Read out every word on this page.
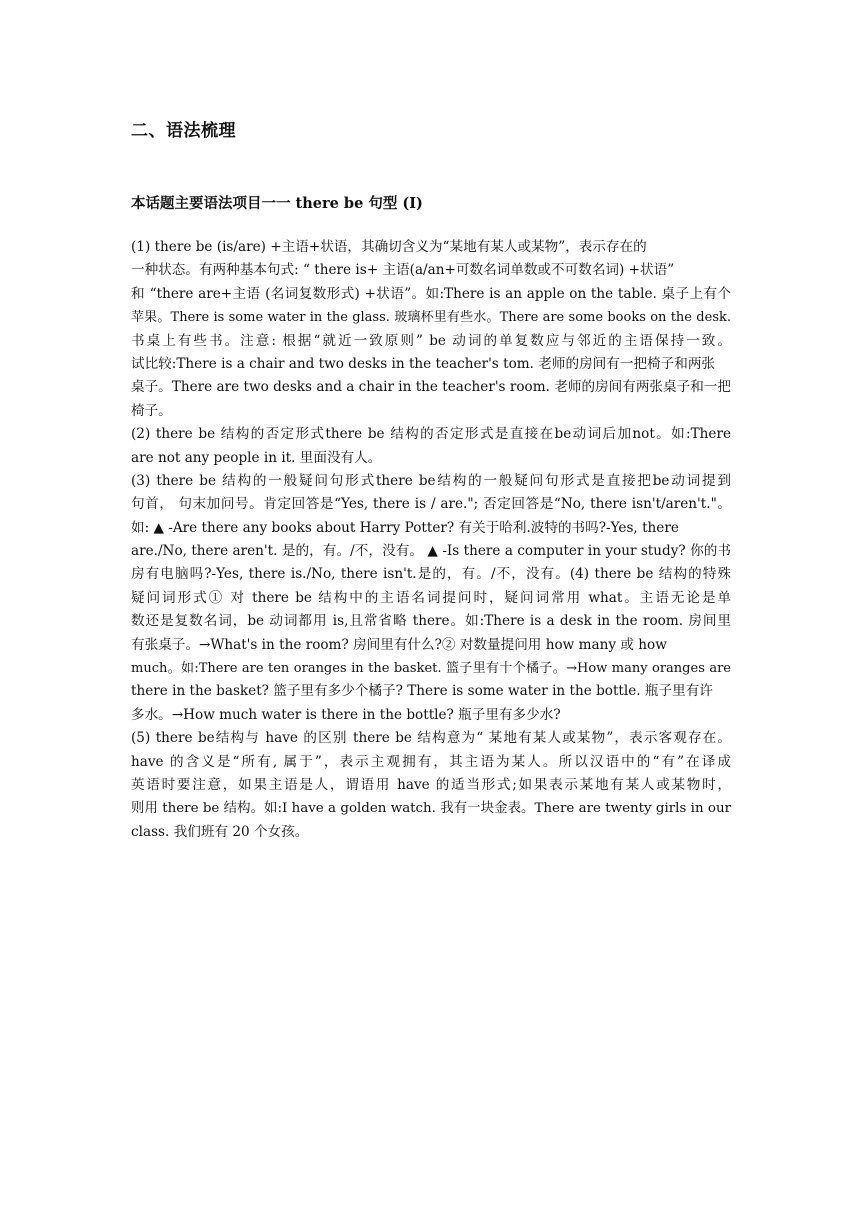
二、语法梳理
本话题主要语法项目一一 there be 句型 (I)
(1) there be (is/are) +主语+状语，其确切含义为“某地有某人或某物”，表示存在的
一种状态。有两种基本句式: “ there is+ 主语(a/an+可数名词单数或不可数名词) +状语”
和 “there are+主语 (名词复数形式) +状语”。如:There is an apple on the table. 桌子上有个
苹果。There is some water in the glass. 玻璃杯里有些水。There are some books on the desk.
书桌上有些书。注意: 根据“就近一致原则” be 动词的单复数应与邻近的主语保持一致。
试比较:There is a chair and two desks in the teacher's tom. 老师的房间有一把椅子和两张
桌子。There are two desks and a chair in the teacher's room. 老师的房间有两张桌子和一把
椅子。
(2) there be 结构的否定形式there be 结构的否定形式是直接在be动词后加not。如:There
are not any people in it. 里面没有人。
(3) there be 结构的一般疑问句形式there be结构的一般疑问句形式是直接把be动词提到
句首， 句末加问号。肯定回答是“Yes, there is / are."; 否定回答是“No, there isn't/aren't."。
如: ▲ -Are there any books about Harry Potter? 有关于哈利.波特的书吗?-Yes, there
are./No, there aren't. 是的，有。/不，没有。 ▲ -Is there a computer in your study? 你的书
房有电脑吗?-Yes, there is./No, there isn't.是的，有。/不，没有。(4) there be 结构的特殊
疑问词形式① 对 there be 结构中的主语名词提问时，疑问词常用 what。主语无论是单
数还是复数名词，be 动词都用 is,且常省略 there。如:There is a desk in the room. 房间里
有张桌子。→What's in the room? 房间里有什么?② 对数量提问用 how many 或 how
much。如:There are ten oranges in the basket. 篮子里有十个橘子。→How many oranges are
there in the basket? 篮子里有多少个橘子? There is some water in the bottle. 瓶子里有许
多水。→How much water is there in the bottle? 瓶子里有多少水?
(5) there be结构与 have 的区别 there be 结构意为“ 某地有某人或某物”，表示客观存在。
have 的含义是“所有, 属于”，表示主观拥有，其主语为某人。所以汉语中的“有”在译成
英语时要注意，如果主语是人，谓语用 have 的适当形式;如果表示某地有某人或某物时，
则用 there be 结构。如:I have a golden watch. 我有一块金表。There are twenty girls in our
class. 我们班有 20 个女孩。
